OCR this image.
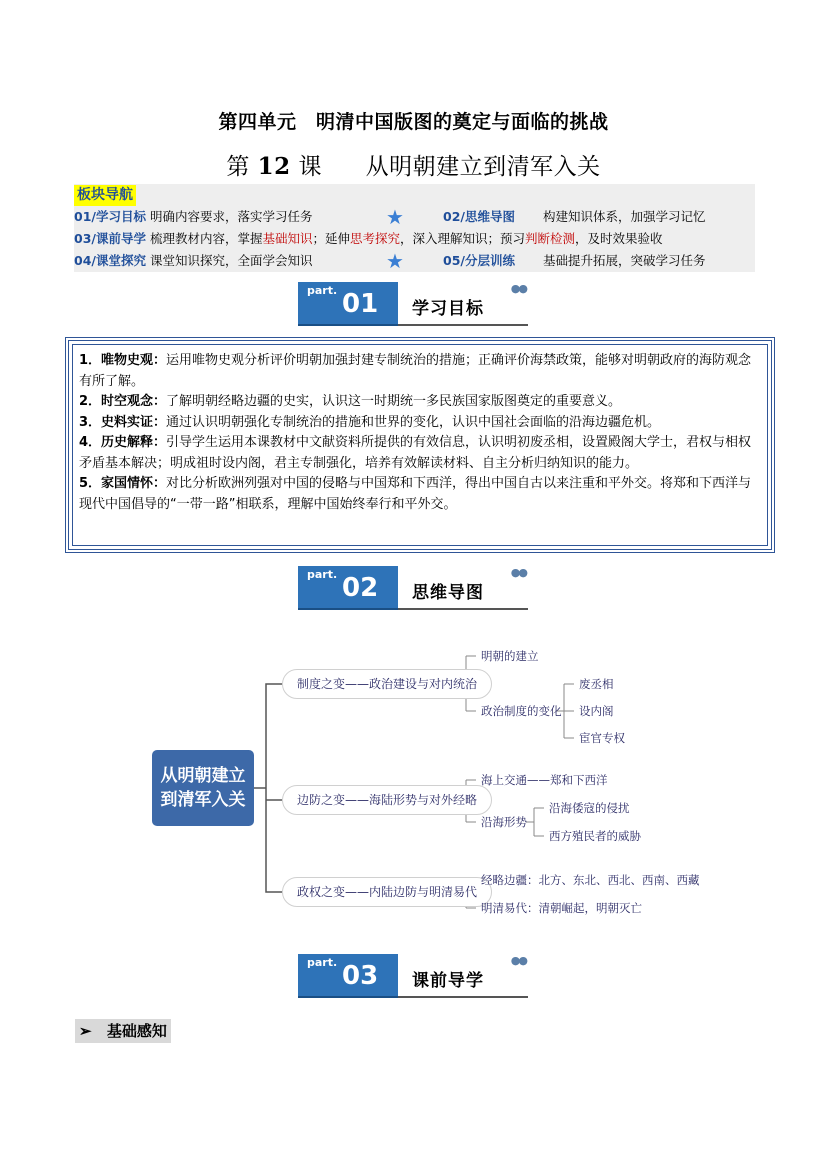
第四单元　明清中国版图的奠定与面临的挑战
第 12 课 从明朝建立到清军入关
板块导航
01/学习目标 明确内容要求，落实学习任务	★	02/思维导图 构建知识体系，加强学习记忆
03/课前导学 梳理教材内容，掌握基础知识；延伸思考探究，深入理解知识；预习判断检测，及时效果验收
04/课堂探究 课堂知识探究，全面学会知识	★	05/分层训练 基础提升拓展，突破学习任务
part. 01 学习目标
●●

1．唯物史观：运用唯物史观分析评价明朝加强封建专制统治的措施；正确评价海禁政策，能够对明朝政府的海防观念有所了解。

2．时空观念：了解明朝经略边疆的史实，认识这一时期统一多民族国家版图奠定的重要意义。

3．史料实证：通过认识明朝强化专制统治的措施和世界的变化，认识中国社会面临的沿海边疆危机。

4．历史解释：引导学生运用本课教材中文献资料所提供的有效信息，认识明初废丞相，设置殿阁大学士，君权与相权矛盾基本解决；明成祖时设内阁，君主专制强化，培养有效解读材料、自主分析归纳知识的能力。

5．家国情怀：对比分析欧洲列强对中国的侵略与中国郑和下西洋，得出中国自古以来注重和平外交。将郑和下西洋与现代中国倡导的“一带一路”相联系，理解中国始终奉行和平外交。

part. 02 思维导图
●●
从明朝建立
到清军入关
制度之变——政治建设与对内统治
边防之变——海陆形势与对外经略
政权之变——内陆边防与明清易代
明朝的建立
政治制度的变化
废丞相
设内阁
宦官专权
海上交通——郑和下西洋
沿海形势
沿海倭寇的侵扰
西方殖民者的威胁
经略边疆：北方、东北、西北、西南、西藏
明清易代：清朝崛起，明朝灭亡
part. 03 课前导学
●●
➢ 基础感知
